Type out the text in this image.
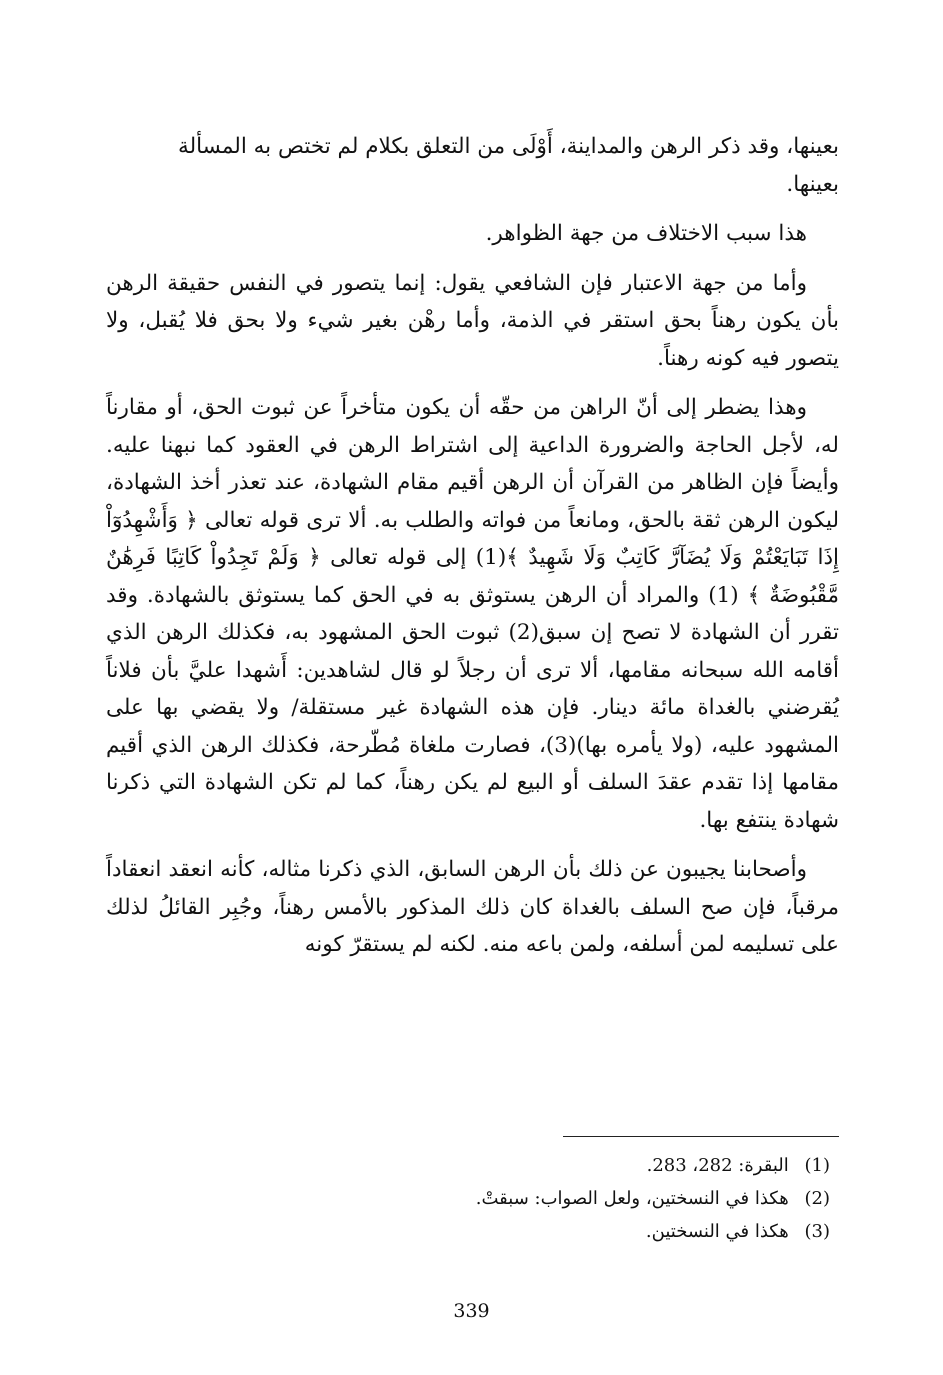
بعينها، وقد ذكر الرهن والمداينة، أَوْلَى من التعلق بكلام لم تختص به المسألة

بعينها.

هذا سبب الاختلاف من جهة الظواهر.

وأما من جهة الاعتبار فإن الشافعي يقول: إنما يتصور في النفس حقيقة الرهن بأن يكون رهناً بحق استقر في الذمة، وأما رهْن بغير شيء ولا بحق فلا يُقبل، ولا يتصور فيه كونه رهناً.

وهذا يضطر إلى أنّ الراهن من حقّه أن يكون متأخراً عن ثبوت الحق، أو مقارناً له، لأجل الحاجة والضرورة الداعية إلى اشتراط الرهن في العقود كما نبهنا عليه. وأيضاً فإن الظاهر من القرآن أن الرهن أقيم مقام الشهادة، عند تعذر أخذ الشهادة، ليكون الرهن ثقة بالحق، ومانعاً من فواته والطلب به. ألا ترى قوله تعالى ﴿ وَأَشْهِدُوٓاْ إِذَا تَبَايَعْتُمْ وَلَا يُضَآرَّ كَاتِبٌ وَلَا شَهِيدٌ ﴾(1) إلى قوله تعالى ﴿ وَلَمْ تَجِدُواْ كَاتِبًا فَرِهَٰنٌ مَّقْبُوضَةٌ ﴾ (1) والمراد أن الرهن يستوثق به في الحق كما يستوثق بالشهادة. وقد تقرر أن الشهادة لا تصح إن سبق(2) ثبوت الحق المشهود به، فكذلك الرهن الذي أقامه الله سبحانه مقامها، ألا ترى أن رجلاً لو قال لشاهدين: أَشهدا عليَّ بأن فلاناً يُقرضني بالغداة مائة دينار. فإن هذه الشهادة غير مستقلة/ ولا يقضي بها على المشهود عليه، (ولا يأمره بها)(3)، فصارت ملغاة مُطّرحة، فكذلك الرهن الذي أقيم مقامها إذا تقدم عقدَ السلف أو البيع لم يكن رهناً، كما لم تكن الشهادة التي ذكرنا شهادة ينتفع بها.

وأصحابنا يجيبون عن ذلك بأن الرهن السابق، الذي ذكرنا مثاله، كأنه انعقد انعقاداً مرقباً، فإن صح السلف بالغداة كان ذلك المذكور بالأمس رهناً، وجُبِر القائلُ لذلك على تسليمه لمن أسلفه، ولمن باعه منه. لكنه لم يستقرّ كونه

(1) البقرة: 282، 283.
(2) هكذا في النسختين، ولعل الصواب: سبقتْ.
(3) هكذا في النسختين.
339
